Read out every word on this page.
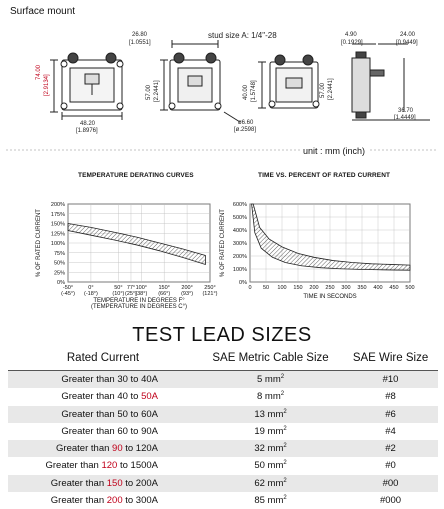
Surface mount
74.00
[2.9134]
48.20
[1.8976]
26.80
[1.0551]
stud size A: 1/4"-28
57.00 [2.2441]
ø6.60
[ø.2598]
40.00 [1.5748]	57.00 [2.2441]
4.90
[0.1929]
24.00
[0.9449]
36.70
[1.4449]
unit : mm (inch)
TEMPERATURE DERATING CURVES	TIME VS. PERCENT OF RATED CURRENT
200%
175%
150%
125%
100%
75%
50%
25%
0%
-50°
(-45°)
0°
(-18°)
50°
(10°)
77°
(25°)
100°
(38°)
150°
(66°)
200°
(93°)
250°
(121°)
% OF RATED CURRENT
TEMPERATURE IN DEGREES F°
(TEMPERATURE IN DEGREES C°)
600%
500%
400%
300%
200%
100%
0%
0 50 100 150 200 250 300 350 400 450 500
% OF RATED CURRENT
TIME IN SECONDS
TEST LEAD SIZES
Rated Current	SAE Metric Cable Size	SAE Wire Size
Greater than 30 to 40A	5 $mm^2$	#10
Greater than 40 to 50A	8 $mm^2$	#8
Greater than 50 to 60A	13 $mm^2$	#6
Greater than 60 to 90A	19 $mm^2$	#4
Greater than 90 to 120A	32 $mm^2$	#2
Greater than 120 to 1500A	50 $mm^2$	#0
Greater than 150 to 200A	62 $mm^2$	#00
Greater than 200 to 300A	85 $mm^2$	#000
